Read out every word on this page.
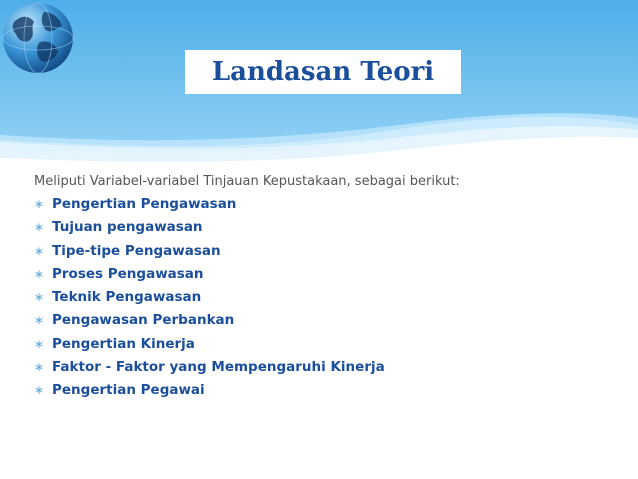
Landasan Teori
Meliputi Variabel-variabel Tinjauan Kepustakaan, sebagai berikut:
∗ Pengertian Pengawasan
∗ Tujuan pengawasan
∗ Tipe-tipe Pengawasan
∗ Proses Pengawasan
∗ Teknik Pengawasan
∗ Pengawasan Perbankan
∗ Pengertian Kinerja
∗ Faktor - Faktor yang Mempengaruhi Kinerja
∗ Pengertian Pegawai
